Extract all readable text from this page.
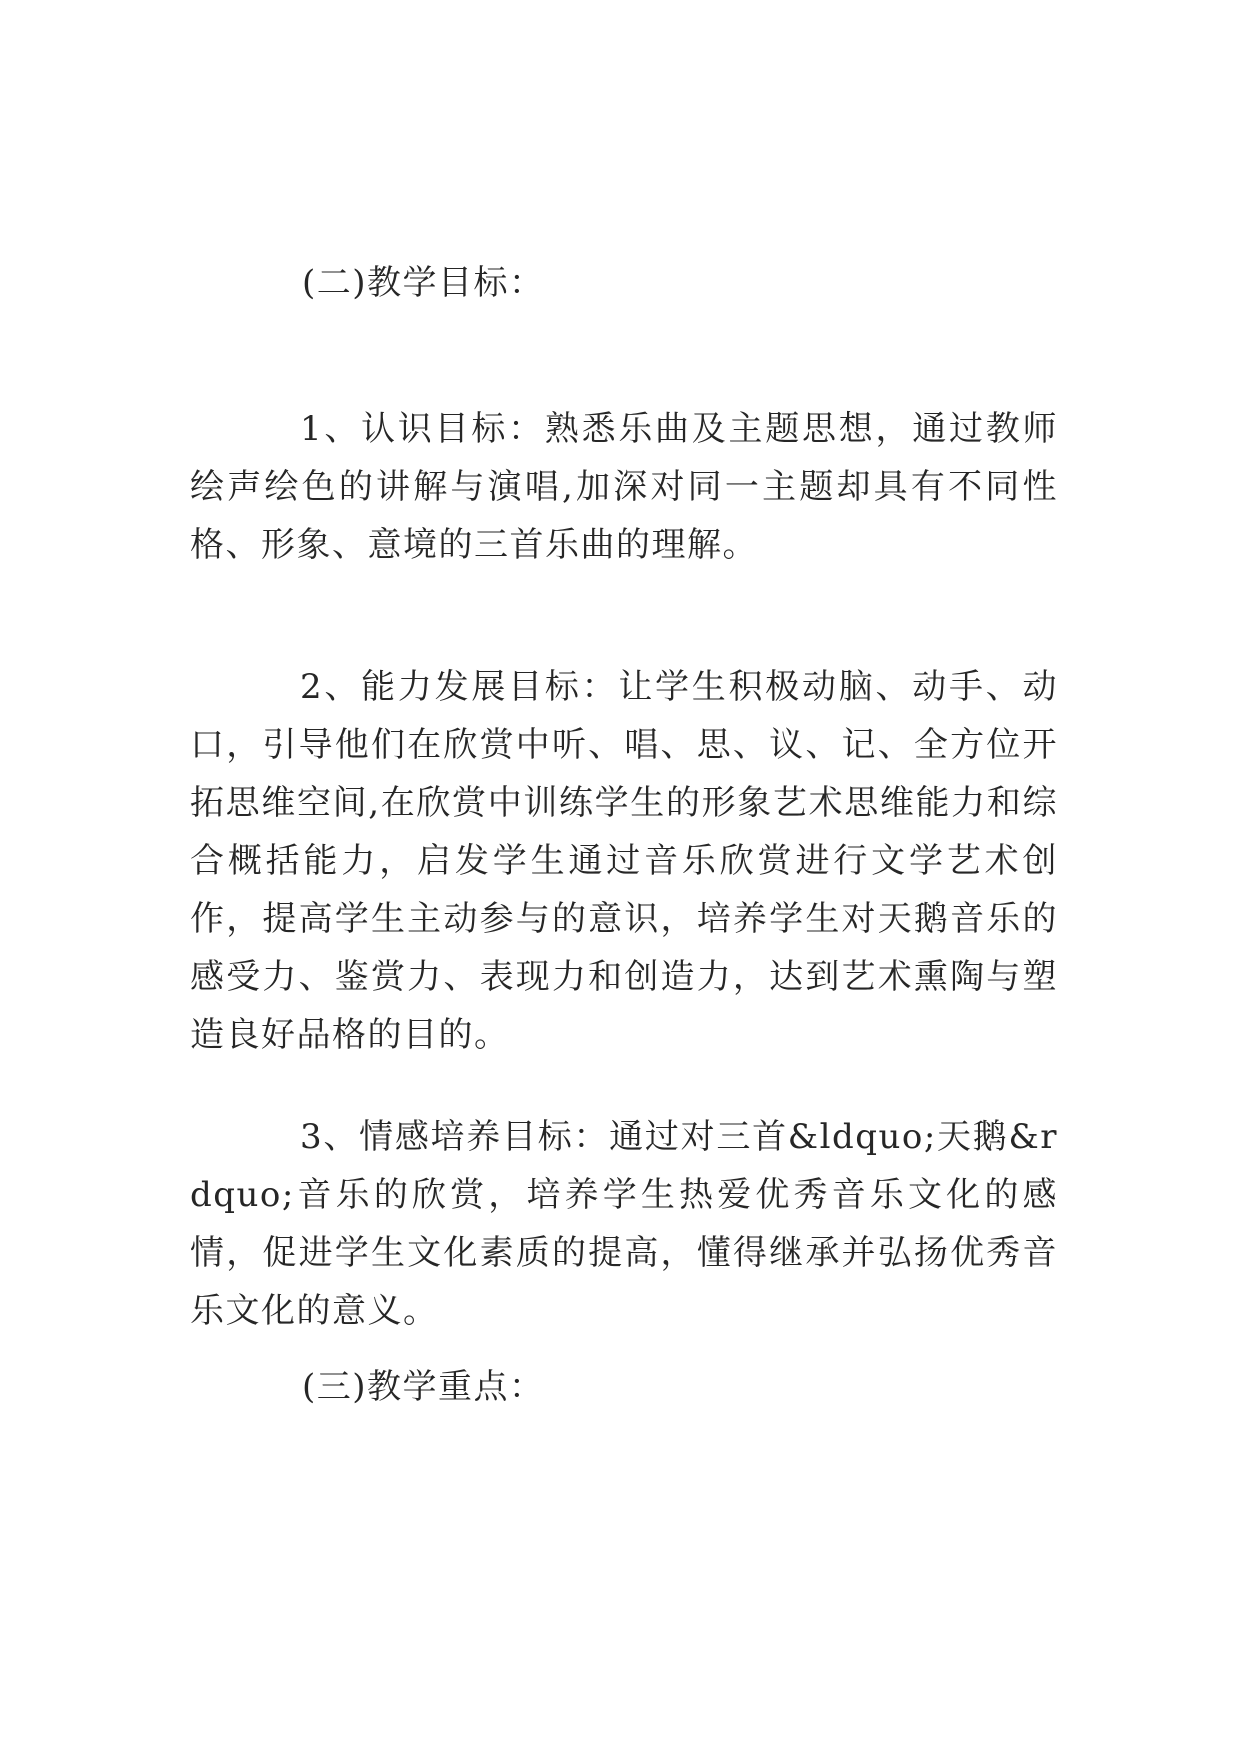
(二)教学目标：

1、认识目标：熟悉乐曲及主题思想，通过教师绘声绘色的讲解与演唱,加深对同一主题却具有不同性格、形象、意境的三首乐曲的理解。

2、能力发展目标：让学生积极动脑、动手、动口，引导他们在欣赏中听、唱、思、议、记、全方位开拓思维空间,在欣赏中训练学生的形象艺术思维能力和综合概括能力，启发学生通过音乐欣赏进行文学艺术创作，提高学生主动参与的意识，培养学生对天鹅音乐的感受力、鉴赏力、表现力和创造力，达到艺术熏陶与塑造良好品格的目的。

3、情感培养目标：通过对三首&ldquo;天鹅&rdquo;音乐的欣赏，培养学生热爱优秀音乐文化的感情，促进学生文化素质的提高，懂得继承并弘扬优秀音乐文化的意义。

(三)教学重点：
